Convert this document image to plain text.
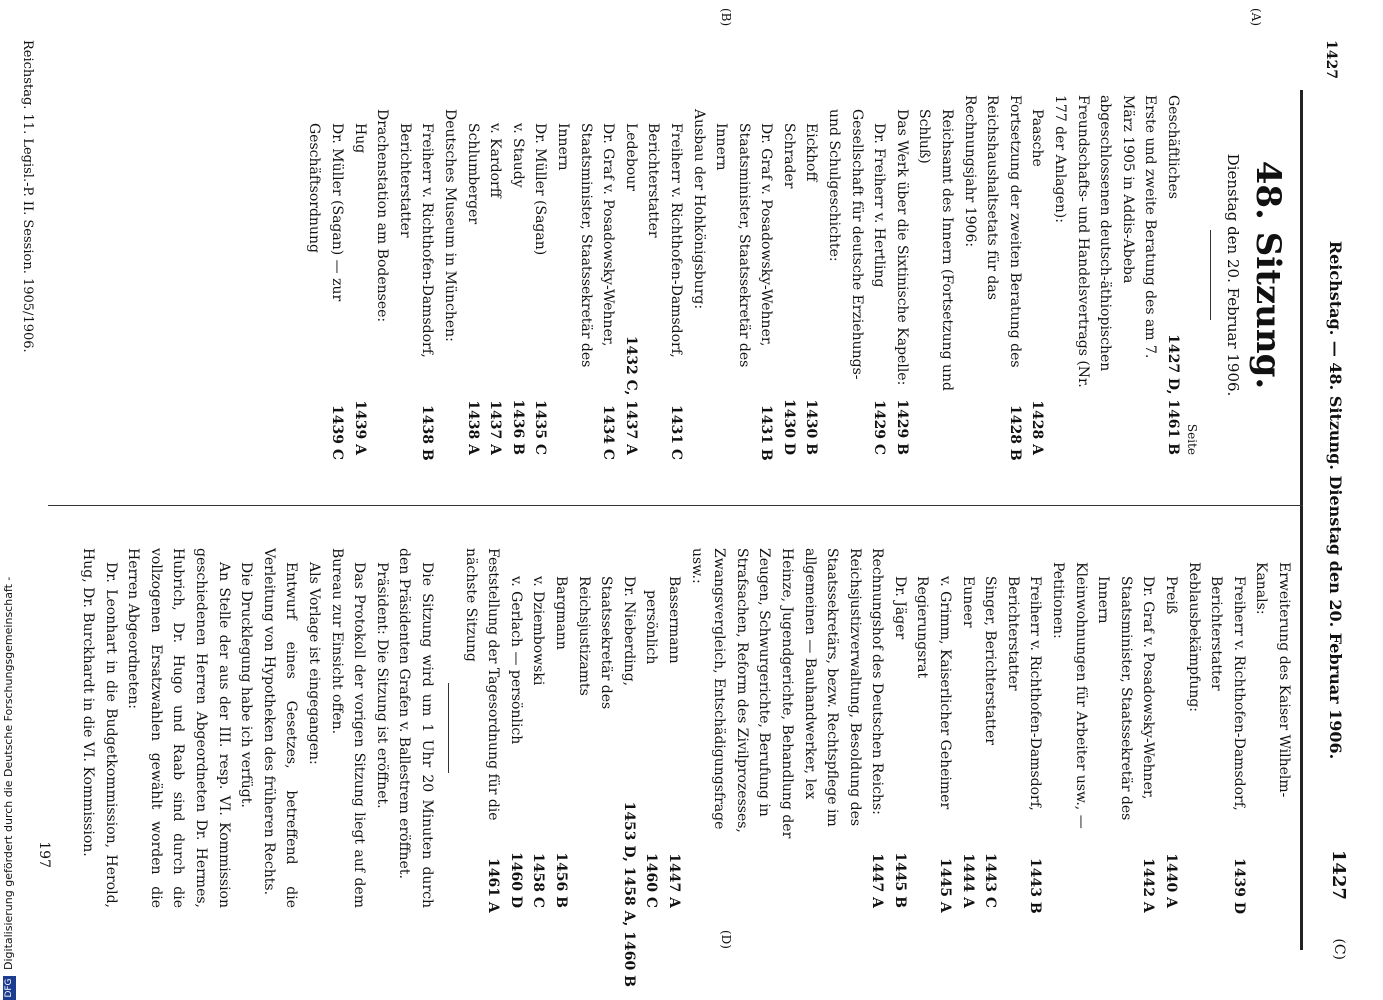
1427
Reichstag. — 48. Sitzung. Dienstag den 20. Februar 1906.
1427
(C)
(A)
(B)
(D)
48. Sitzung.
Dienstag den 20. Februar 1906.
Seite
Geschäftliches
1427 D, 1461 B
Erste und zweite Beratung des am 7. März 1905 in Addis-Abeba abgeschlossenen deutsch-äthiopischen Freundschafts- und Handelsvertrags (Nr. 177 der Anlagen):
Paasche
1428 A
Fortsetzung der zweiten Beratung des Reichshaushaltsetats für das Rechnungsjahr 1906:
1428 B
Reichsamt des Innern (Fortsetzung und Schluß)
Das Werk über die Sixtinische Kapelle:
1429 B
Dr. Freiherr v. Hertling
1429 C
Gesellschaft für deutsche Erziehungs- und Schulgeschichte:
Eickhoff
1430 B
Schrader
1430 D
Dr. Graf v. Posadowsky-Wehner, Staatsminister, Staatssekretär des Innern
1431 B
Ausbau der Hohkönigsburg:
Freiherr v. Richthofen-Damsdorf, Berichterstatter
1431 C
Ledebour
1432 C, 1437 A
Dr. Graf v. Posadowsky-Wehner, Staatsminister, Staatssekretär des Innern
1434 C
Dr. Müller (Sagan)
1435 C
v. Staudy
1436 B
v. Kardorff
1437 A
Schlumberger
1438 A
Deutsches Museum in München:
Freiherr v. Richthofen-Damsdorf, Berichterstatter
1438 B
Drachenstation am Bodensee:
Hug
1439 A
Dr. Müller (Sagan) — zur Geschäftsordnung
1439 C
Erweiterung des Kaiser Wilhelm-Kanals:
Freiherr v. Richthofen-Damsdorf, Berichterstatter
1439 D
Reblausbekämpfung:
Preiß
1440 A
Dr. Graf v. Posadowsky-Wehner, Staatsminister, Staatssekretär des Innern
1442 A
Kleinwohnungen für Arbeiter usw., — Petitionen:
Freiherr v. Richthofen-Damsdorf, Berichterstatter
1443 B
Singer, Berichterstatter
1443 C
Euneer
1444 A
v. Grimm, Kaiserlicher Geheimer Regierungsrat
1445 A
Dr. Jäger
1445 B
Rechnungshof des Deutschen Reichs:
1447 A
Reichsjustizverwaltung, Besoldung des Staatssekretärs, bezw. Rechtspflege im allgemeinen — Bauhandwerker, lex Heinze, Jugendgerichte, Behandlung der Zeugen, Schwurgerichte, Berufung in Strafsachen, Reform des Zivilprozesses, Zwangsvergleich, Entschädigungsfrage usw.:
Bassermann
1447 A
persönlich
1460 C
Dr. Nieberding, Staatssekretär des Reichsjustizamts
1453 D, 1458 A, 1460 B
Bargmann
1456 B
v. Dziembowski
1458 C
v. Gerlach — persönlich
1460 D
Feststellung der Tagesordnung für die nächste Sitzung
1461 A
Die Sitzung wird um 1 Uhr 20 Minuten durch den Präsidenten Grafen v. Ballestrem eröffnet.
Präsident: Die Sitzung ist eröffnet.
Das Protokoll der vorigen Sitzung liegt auf dem Bureau zur Einsicht offen.
Als Vorlage ist eingegangen:
Entwurf eines Gesetzes, betreffend die Verleitung von Hypotheken des früheren Rechts.
Die Drucklegung habe ich verfügt.
An Stelle der aus der III. resp. VI. Kommission geschiedenen Herren Abgeordneten Dr. Hermes, Hubrich, Dr. Hugo und Raab sind durch die vollzogenen Ersatzwahlen gewählt worden die Herren Abgeordneten:
Dr. Leonhart in die Budgetkommission, Herold, Hug, Dr. Burckhardt in die VI. Kommission.
197
Reichstag. 11. Legisl.-P. II. Session. 1905/1906.
DFGDigitalisierung gefördert durch die Deutsche Forschungsgemeinschaft -
